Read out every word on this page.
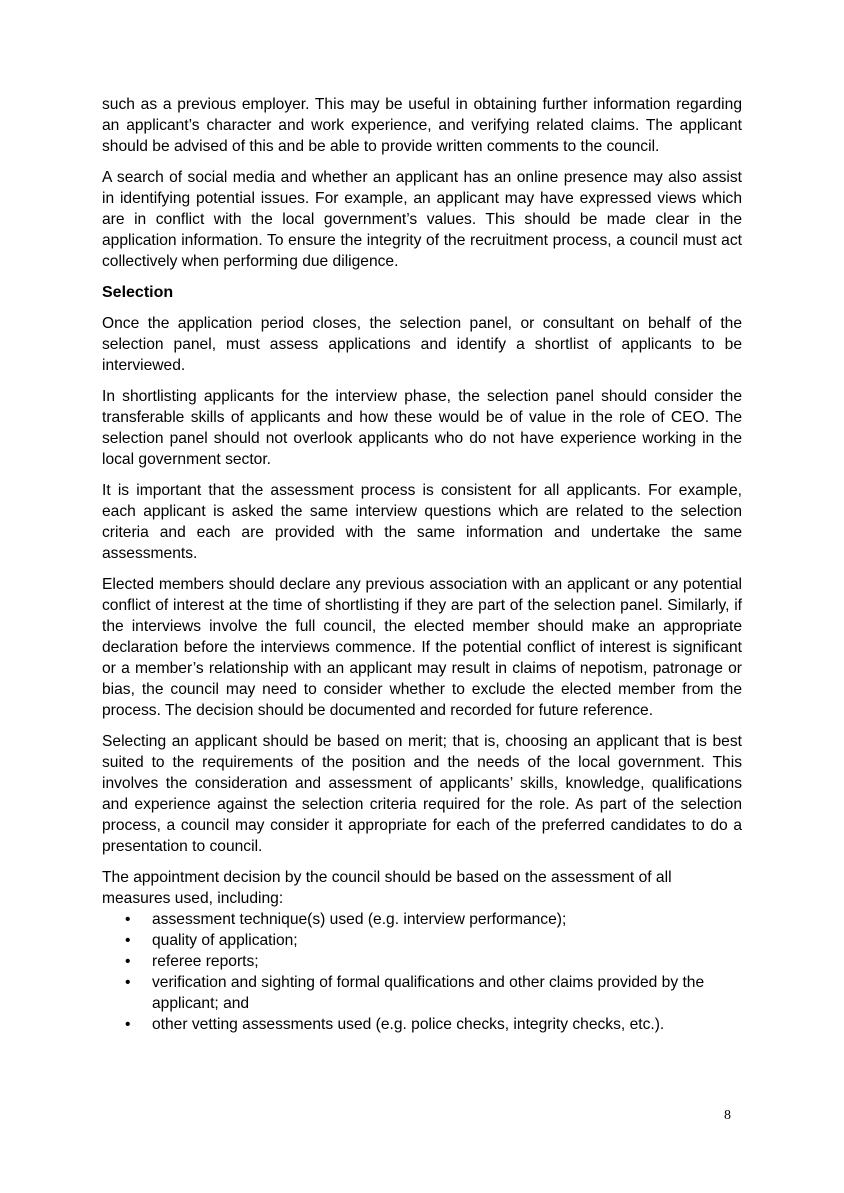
such as a previous employer. This may be useful in obtaining further information regarding an applicant’s character and work experience, and verifying related claims. The applicant should be advised of this and be able to provide written comments to the council.

A search of social media and whether an applicant has an online presence may also assist in identifying potential issues. For example, an applicant may have expressed views which are in conflict with the local government’s values. This should be made clear in the application information. To ensure the integrity of the recruitment process, a council must act collectively when performing due diligence.

Selection

Once the application period closes, the selection panel, or consultant on behalf of the selection panel, must assess applications and identify a shortlist of applicants to be interviewed.

In shortlisting applicants for the interview phase, the selection panel should consider the transferable skills of applicants and how these would be of value in the role of CEO. The selection panel should not overlook applicants who do not have experience working in the local government sector.

It is important that the assessment process is consistent for all applicants. For example, each applicant is asked the same interview questions which are related to the selection criteria and each are provided with the same information and undertake the same assessments.

Elected members should declare any previous association with an applicant or any potential conflict of interest at the time of shortlisting if they are part of the selection panel. Similarly, if the interviews involve the full council, the elected member should make an appropriate declaration before the interviews commence. If the potential conflict of interest is significant or a member’s relationship with an applicant may result in claims of nepotism, patronage or bias, the council may need to consider whether to exclude the elected member from the process. The decision should be documented and recorded for future reference.

Selecting an applicant should be based on merit; that is, choosing an applicant that is best suited to the requirements of the position and the needs of the local government. This involves the consideration and assessment of applicants’ skills, knowledge, qualifications and experience against the selection criteria required for the role. As part of the selection process, a council may consider it appropriate for each of the preferred candidates to do a presentation to council.

The appointment decision by the council should be based on the assessment of all measures used, including:

• assessment technique(s) used (e.g. interview performance);
• quality of application;
• referee reports;
• verification and sighting of formal qualifications and other claims provided by the applicant; and
• other vetting assessments used (e.g. police checks, integrity checks, etc.).
8
